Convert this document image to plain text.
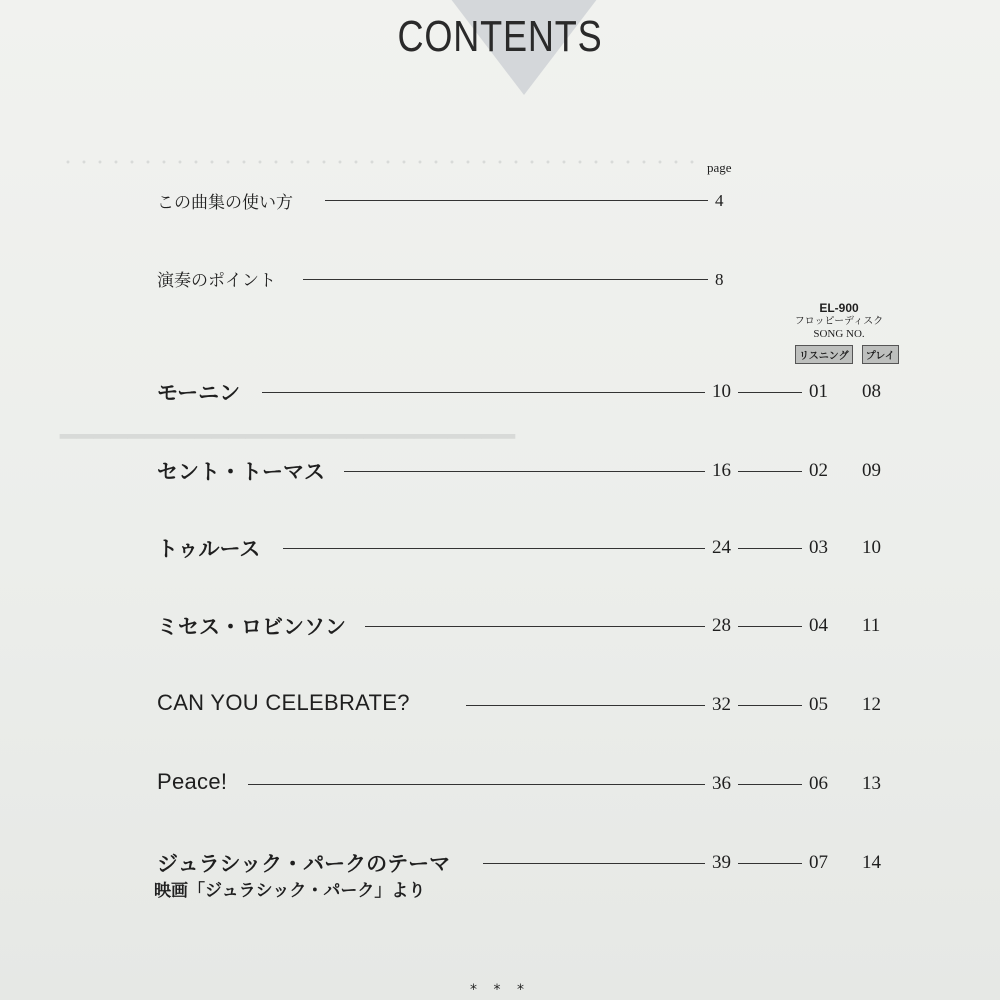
・・・・・・・・・・・・・・・・・・・・・・・・・・・・・・・・・・・・・・・・
━━━━━━━━━━━━━━━━━━━━━━━━━━━
CONTENTS
page
この曲集の使い方	4
演奏のポイント	8
EL-900
フロッピーディスク
SONG NO.
リスニング プレイ
モーニン	10	01 08
セント・トーマス	16	02 09
トゥルース	24	03 10
ミセス・ロビンソン	28	04 11
CAN YOU CELEBRATE?	32	05 12
Peace!	36	06 13
ジュラシック・パークのテーマ	39	07 14
映画「ジュラシック・パーク」より
* * *
